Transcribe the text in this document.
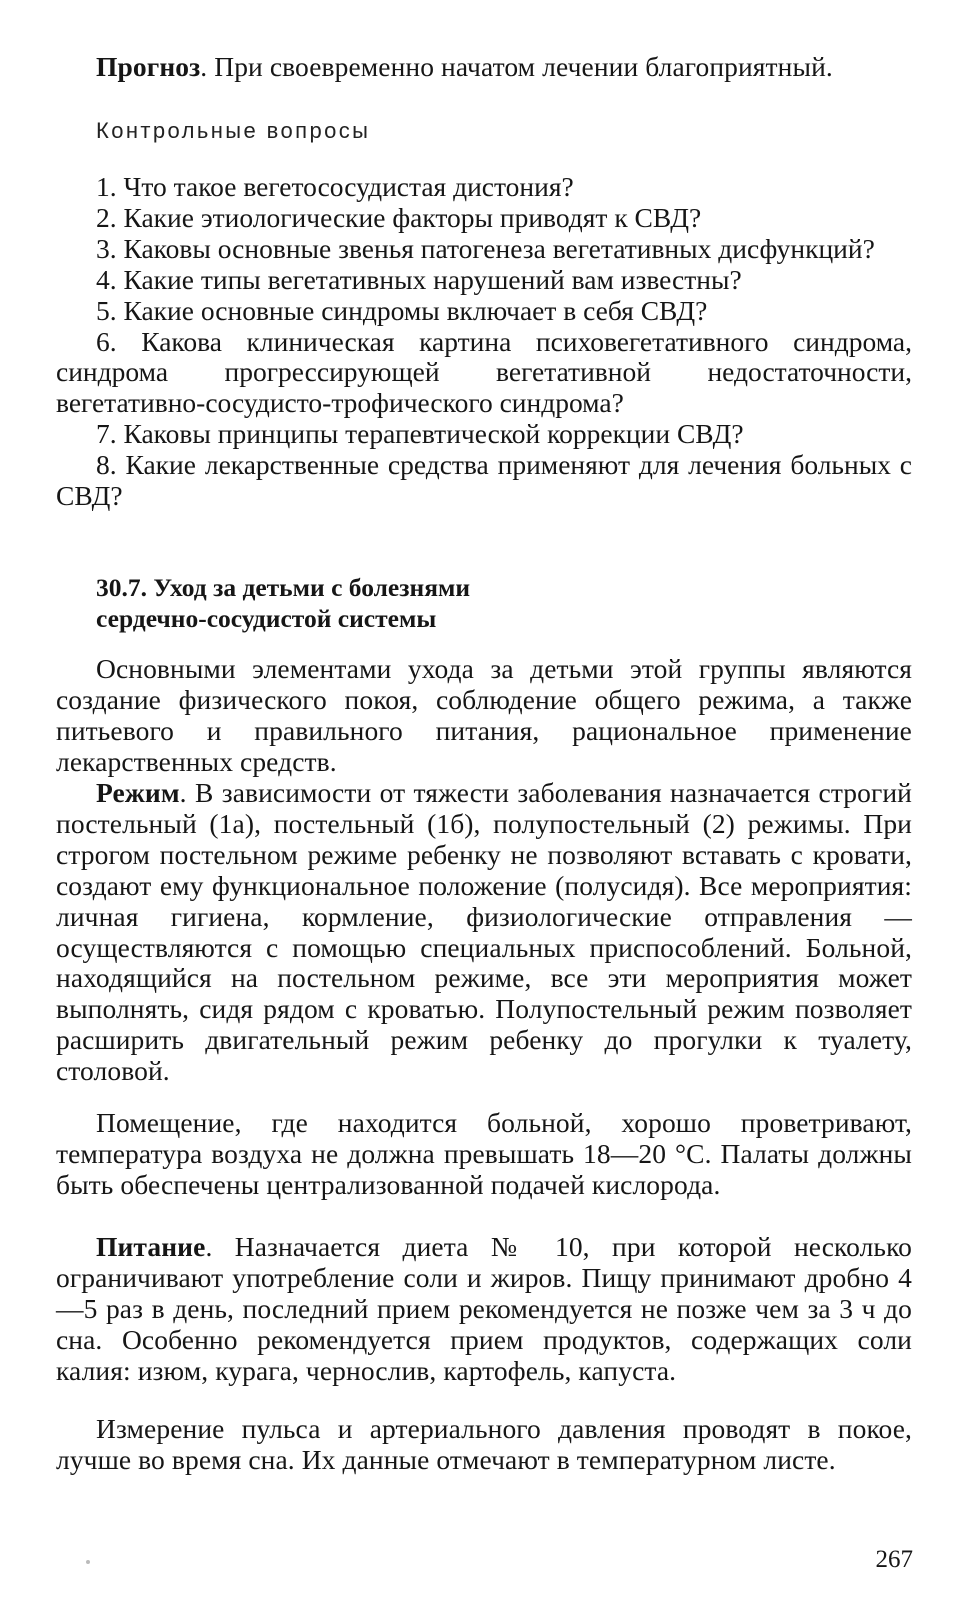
Прогноз. При своевременно начатом лечении благоприятный.

Контрольные вопросы

1. Что такое вегетососудистая дистония?
2. Какие этиологические факторы приводят к СВД?
3. Каковы основные звенья патогенеза вегетативных дисфункций?
4. Какие типы вегетативных нарушений вам известны?
5. Какие основные синдромы включает в себя СВД?
6. Какова клиническая картина психовегетативного синдрома, синдрома прогрессирующей вегетативной недостаточности, вегетативно-сосудисто-трофического синдрома?
7. Каковы принципы терапевтической коррекции СВД?
8. Какие лекарственные средства применяют для лечения больных с СВД?
30.7. Уход за детьми с болезнями
сердечно-сосудистой системы

Основными элементами ухода за детьми этой группы являются создание физического покоя, соблюдение общего режима, а также питьевого и правильного питания, рациональное применение лекарственных средств.

Режим. В зависимости от тяжести заболевания назначается строгий постельный (1а), постельный (1б), полупостельный (2) режимы. При строгом постельном режиме ребенку не позволяют вставать с кровати, создают ему функциональное положение (полусидя). Все мероприятия: личная гигиена, кормление, физиологические отправления — осуществляются с помощью специальных приспособлений. Больной, находящийся на постельном режиме, все эти мероприятия может выполнять, сидя рядом с кроватью. Полупостельный режим позволяет расширить двигательный режим ребенку до прогулки к туалету, столовой.

Помещение, где находится больной, хорошо проветривают, температура воздуха не должна превышать 18—20 °С. Палаты должны быть обеспечены централизованной подачей кислорода.

Питание. Назначается диета № 10, при которой несколько ограничивают употребление соли и жиров. Пищу принимают дробно 4—5 раз в день, последний прием рекомендуется не позже чем за 3 ч до сна. Особенно рекомендуется прием продуктов, содержащих соли калия: изюм, курага, чернослив, картофель, капуста.

Измерение пульса и артериального давления проводят в покое, лучше во время сна. Их данные отмечают в температурном листе.

267
